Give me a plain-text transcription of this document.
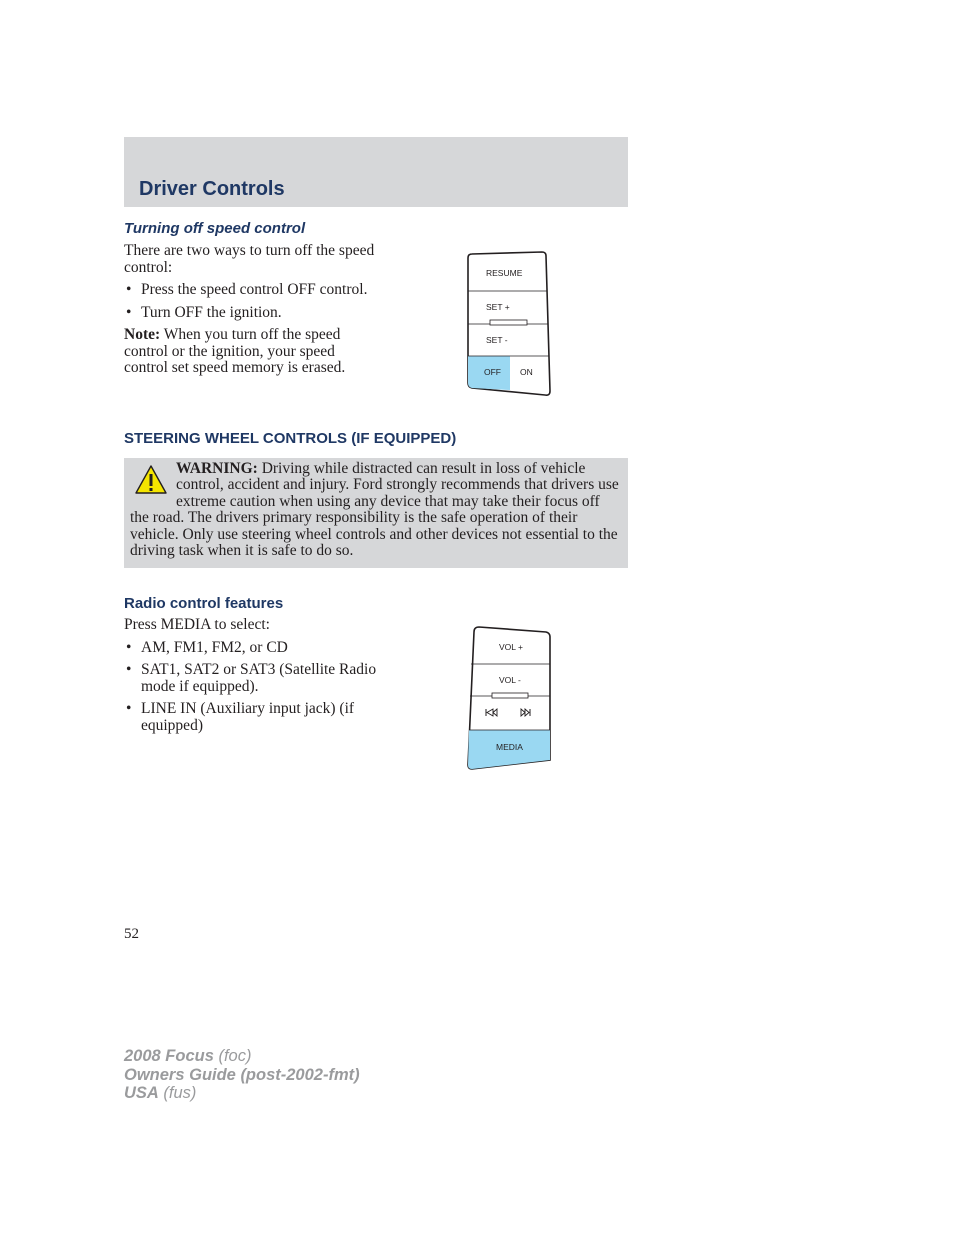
Driver Controls
Turning off speed control

There are two ways to turn off the speed control:

• Press the speed control OFF control.
• Turn OFF the ignition.

Note: When you turn off the speed control or the ignition, your speed control set speed memory is erased.

RESUME
SET +
SET -
OFF ON
STEERING WHEEL CONTROLS (IF EQUIPPED)

WARNING: Driving while distracted can result in loss of vehicle control, accident and injury. Ford strongly recommends that drivers use extreme caution when using any device that may take their focus off the road. The drivers primary responsibility is the safe operation of their vehicle. Only use steering wheel controls and other devices not essential to the driving task when it is safe to do so.

Radio control features

Press MEDIA to select:

• AM, FM1, FM2, or CD
• SAT1, SAT2 or SAT3 (Satellite Radio mode if equipped).
• LINE IN (Auxiliary input jack) (if equipped)
VOL +
VOL -
MEDIA

52

2008 Focus (foc)
Owners Guide (post-2002-fmt)
USA (fus)
